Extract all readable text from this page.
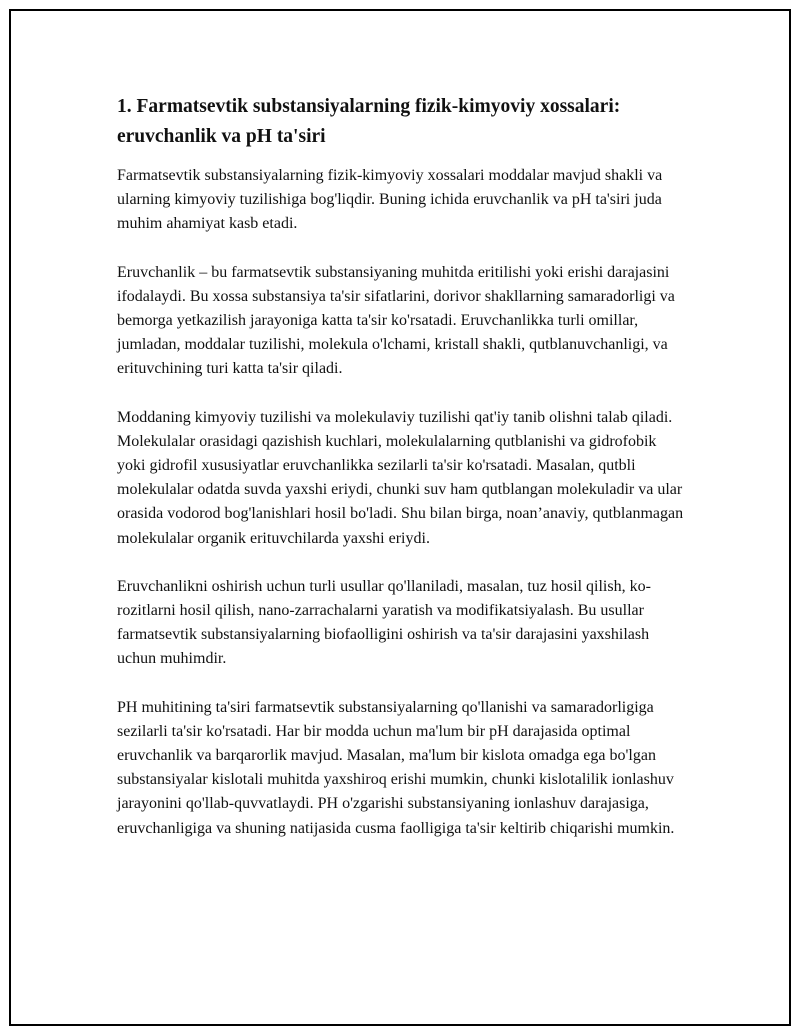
1. Farmatsevtik substansiyalarning fizik-kimyoviy xossalari: eruvchanlik va pH ta'siri

Farmatsevtik substansiyalarning fizik-kimyoviy xossalari moddalar mavjud shakli va ularning kimyoviy tuzilishiga bog'liqdir. Buning ichida eruvchanlik va pH ta'siri juda muhim ahamiyat kasb etadi.

Eruvchanlik – bu farmatsevtik substansiyaning muhitda eritilishi yoki erishi darajasini ifodalaydi. Bu xossa substansiya ta'sir sifatlarini, dorivor shakllarning samaradorligi va bemorga yetkazilish jarayoniga katta ta'sir ko'rsatadi. Eruvchanlikka turli omillar, jumladan, moddalar tuzilishi, molekula o'lchami, kristall shakli, qutblanuvchanligi, va erituvchining turi katta ta'sir qiladi.

Moddaning kimyoviy tuzilishi va molekulaviy tuzilishi qat'iy tanib olishni talab qiladi. Molekulalar orasidagi qazishish kuchlari, molekulalarning qutblanishi va gidrofobik yoki gidrofil xususiyatlar eruvchanlikka sezilarli ta'sir ko'rsatadi. Masalan, qutbli molekulalar odatda suvda yaxshi eriydi, chunki suv ham qutblangan molekuladir va ular orasida vodorod bog'lanishlari hosil bo'ladi. Shu bilan birga, noan’anaviy, qutblanmagan molekulalar organik erituvchilarda yaxshi eriydi.

Eruvchanlikni oshirish uchun turli usullar qo'llaniladi, masalan, tuz hosil qilish, ko-rozitlarni hosil qilish, nano-zarrachalarni yaratish va modifikatsiyalash. Bu usullar farmatsevtik substansiyalarning biofaolligini oshirish va ta'sir darajasini yaxshilash uchun muhimdir.

PH muhitining ta'siri farmatsevtik substansiyalarning qo'llanishi va samaradorligiga sezilarli ta'sir ko'rsatadi. Har bir modda uchun ma'lum bir pH darajasida optimal eruvchanlik va barqarorlik mavjud. Masalan, ma'lum bir kislota omadga ega bo'lgan substansiyalar kislotali muhitda yaxshiroq erishi mumkin, chunki kislotalilik ionlashuv jarayonini qo'llab-quvvatlaydi. PH o'zgarishi substansiyaning ionlashuv darajasiga, eruvchanligiga va shuning natijasida cusma faolligiga ta'sir keltirib chiqarishi mumkin.
